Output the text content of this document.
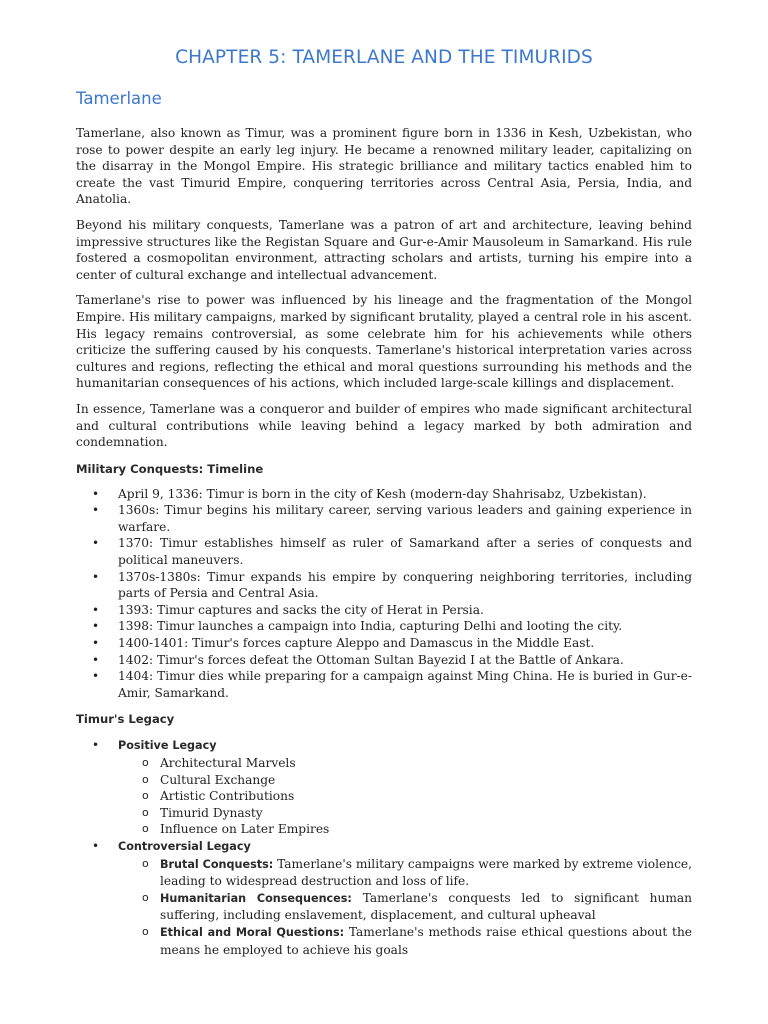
CHAPTER 5: TAMERLANE AND THE TIMURIDS
Tamerlane

Tamerlane, also known as Timur, was a prominent figure born in 1336 in Kesh, Uzbekistan, who rose to power despite an early leg injury. He became a renowned military leader, capitalizing on the disarray in the Mongol Empire. His strategic brilliance and military tactics enabled him to create the vast Timurid Empire, conquering territories across Central Asia, Persia, India, and Anatolia.

Beyond his military conquests, Tamerlane was a patron of art and architecture, leaving behind impressive structures like the Registan Square and Gur-e-Amir Mausoleum in Samarkand. His rule fostered a cosmopolitan environment, attracting scholars and artists, turning his empire into a center of cultural exchange and intellectual advancement.

Tamerlane's rise to power was influenced by his lineage and the fragmentation of the Mongol Empire. His military campaigns, marked by significant brutality, played a central role in his ascent. His legacy remains controversial, as some celebrate him for his achievements while others criticize the suffering caused by his conquests. Tamerlane's historical interpretation varies across cultures and regions, reflecting the ethical and moral questions surrounding his methods and the humanitarian consequences of his actions, which included large-scale killings and displacement.

In essence, Tamerlane was a conqueror and builder of empires who made significant architectural and cultural contributions while leaving behind a legacy marked by both admiration and condemnation.

Military Conquests: Timeline
• April 9, 1336: Timur is born in the city of Kesh (modern-day Shahrisabz, Uzbekistan).
• 1360s: Timur begins his military career, serving various leaders and gaining experience in warfare.
• 1370: Timur establishes himself as ruler of Samarkand after a series of conquests and political maneuvers.
• 1370s-1380s: Timur expands his empire by conquering neighboring territories, including parts of Persia and Central Asia.
• 1393: Timur captures and sacks the city of Herat in Persia.
• 1398: Timur launches a campaign into India, capturing Delhi and looting the city.
• 1400-1401: Timur's forces capture Aleppo and Damascus in the Middle East.
• 1402: Timur's forces defeat the Ottoman Sultan Bayezid I at the Battle of Ankara.
• 1404: Timur dies while preparing for a campaign against Ming China. He is buried in Gur-e-Amir, Samarkand.
Timur's Legacy
• Positive Legacy
o Architectural Marvels
o Cultural Exchange
o Artistic Contributions
o Timurid Dynasty
o Influence on Later Empires
• Controversial Legacy
o Brutal Conquests: Tamerlane's military campaigns were marked by extreme violence, leading to widespread destruction and loss of life.
o Humanitarian Consequences: Tamerlane's conquests led to significant human suffering, including enslavement, displacement, and cultural upheaval
o Ethical and Moral Questions: Tamerlane's methods raise ethical questions about the means he employed to achieve his goals
